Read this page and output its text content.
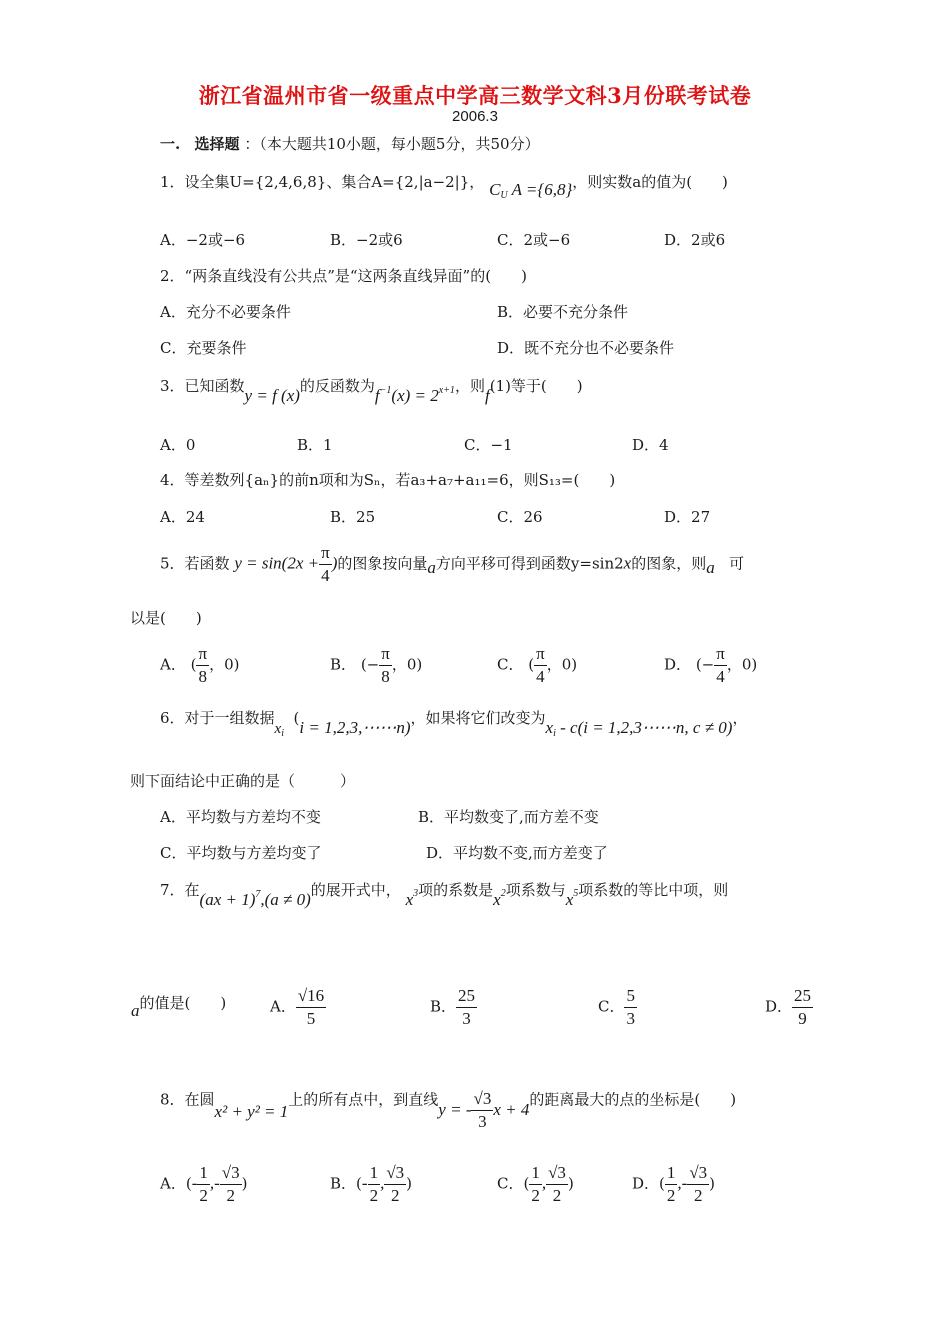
浙江省温州市省一级重点中学高三数学文科3月份联考试卷
2006.3
一. 选择题 ：（本大题共10小题，每小题5分，共50分）
1．设全集U={2,4,6,8}、集合A={2,|a−2|}， CU A ={6,8}，则实数a的值为(　　)
A．−2或−6	B．−2或6	C．2或−6	D．2或6
2．“两条直线没有公共点”是“这两条直线异面”的(　　)
A．充分不必要条件	B．必要不充分条件
C．充要条件	D．既不充分也不必要条件
3．已知函数y = f (x)的反函数为$f^{-1}(x) = 2^{x+1}$，则f(1)等于(　　)
A．0	B．1	C．−1	D．4
4．等差数列{aₙ}的前n项和为Sₙ，若a₃+a₇+a₁₁=6，则S₁₃=(　　)
A．24	B．25	C．26	D．27
5．若函数 $y = \sin(2x + \frac{\pi}{4}$ )的图象按向量a方向平移可得到函数y=sin2x的图象，则a 可
以是(　　)
A． ( $\frac{\pi}{8}$ ，0)	B． (− $\frac{\pi}{8}$ ，0)	C． ( $\frac{\pi}{4}$ ，0)	D． (− $\frac{\pi}{4}$ ，0)
6．对于一组数据$x_i$  (i = 1,2,3,⋯⋯n)，如果将它们改变为xi - c(i = 1,2,3⋯⋯n, c ≠ 0)，
则下面结论中正确的是（　　　）
A．平均数与方差均不变	B．平均数变了,而方差不变
C．平均数与方差均变了	D．平均数不变,而方差变了
7．在(ax + 1)$^7$,(a ≠ 0)的展开式中， $x^3$项的系数是$x^2$项系数与$x^5$项系数的等比中项，则
a的值是(　　)	A． $\frac{√16}{5}$	B． $\frac{25}{3}$	C． $\frac{5}{3}$	D． $\frac{25}{9}$
8．在圆x² + y² = 1上的所有点中，到直线y = - $\frac{√3}{3}$ x + 4的距离最大的点的坐标是(　　)
A．(- $\frac{1}{2}$ ,- $\frac{√3}{2}$ )	B．(- $\frac{1}{2}$ , $\frac{√3}{2}$ )	C．( $\frac{1}{2}$ , $\frac{√3}{2}$ )	D．( $\frac{1}{2}$ ,- $\frac{√3}{2}$ )
